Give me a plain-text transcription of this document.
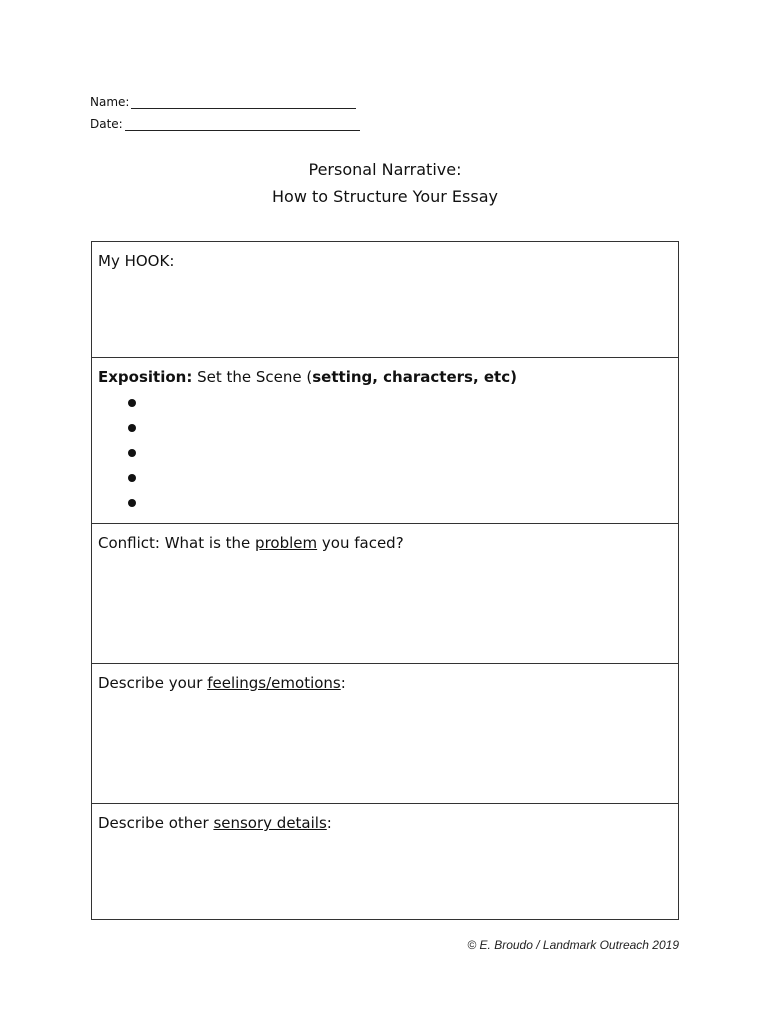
Name:
Date:
Personal Narrative:
How to Structure Your Essay
My HOOK:
Exposition: Set the Scene (setting, characters, etc)
Conflict: What is the problem you faced?
Describe your feelings/emotions:
Describe other sensory details:
© E. Broudo / Landmark Outreach 2019
